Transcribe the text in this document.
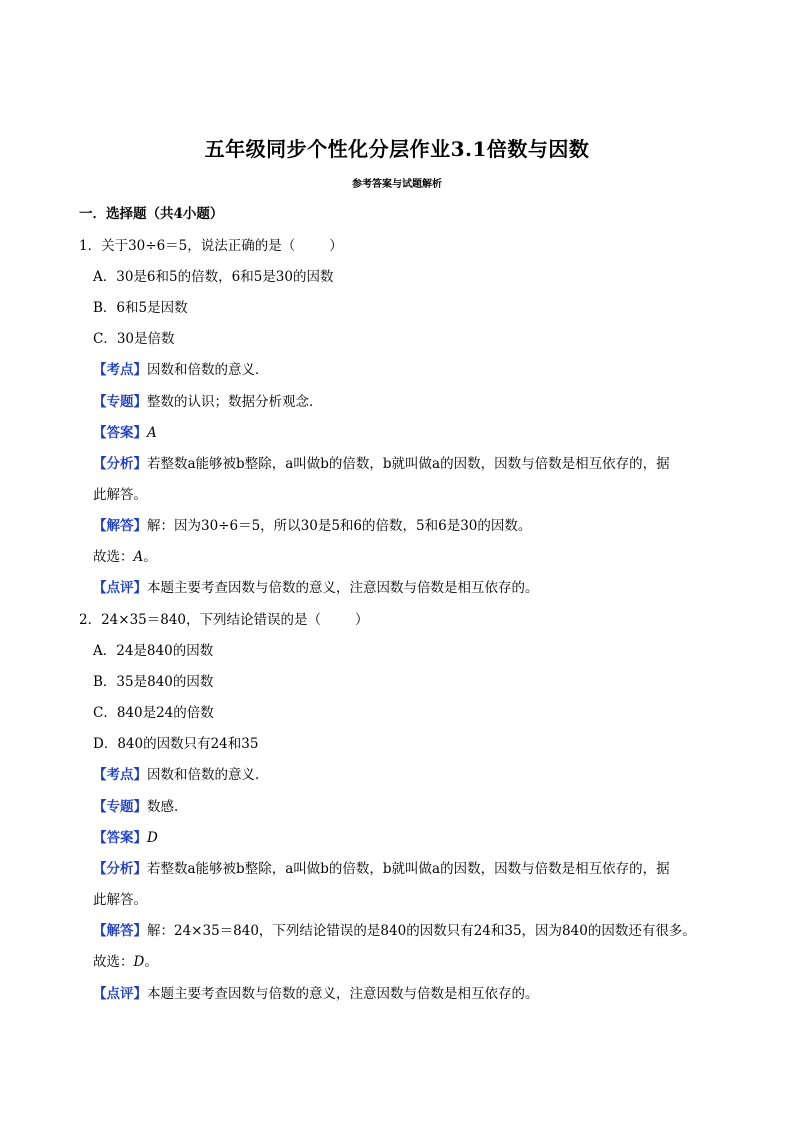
五年级同步个性化分层作业3.1倍数与因数
参考答案与试题解析
一．选择题（共4小题）
1．关于30÷6＝5，说法正确的是（	）
A．30是6和5的倍数，6和5是30的因数
B．6和5是因数
C．30是倍数
【考点】因数和倍数的意义．
【专题】整数的认识；数据分析观念．
【答案】A
【分析】若整数a能够被b整除，a叫做b的倍数，b就叫做a的因数，因数与倍数是相互依存的，据
此解答。
【解答】解：因为30÷6＝5，所以30是5和6的倍数，5和6是30的因数。
故选：A。
【点评】本题主要考查因数与倍数的意义，注意因数与倍数是相互依存的。
2．24×35＝840，下列结论错误的是（	）
A．24是840的因数
B．35是840的因数
C．840是24的倍数
D．840的因数只有24和35
【考点】因数和倍数的意义．
【专题】数感．
【答案】D
【分析】若整数a能够被b整除，a叫做b的倍数，b就叫做a的因数，因数与倍数是相互依存的，据
此解答。
【解答】解：24×35＝840，下列结论错误的是840的因数只有24和35，因为840的因数还有很多。
故选：D。
【点评】本题主要考查因数与倍数的意义，注意因数与倍数是相互依存的。
